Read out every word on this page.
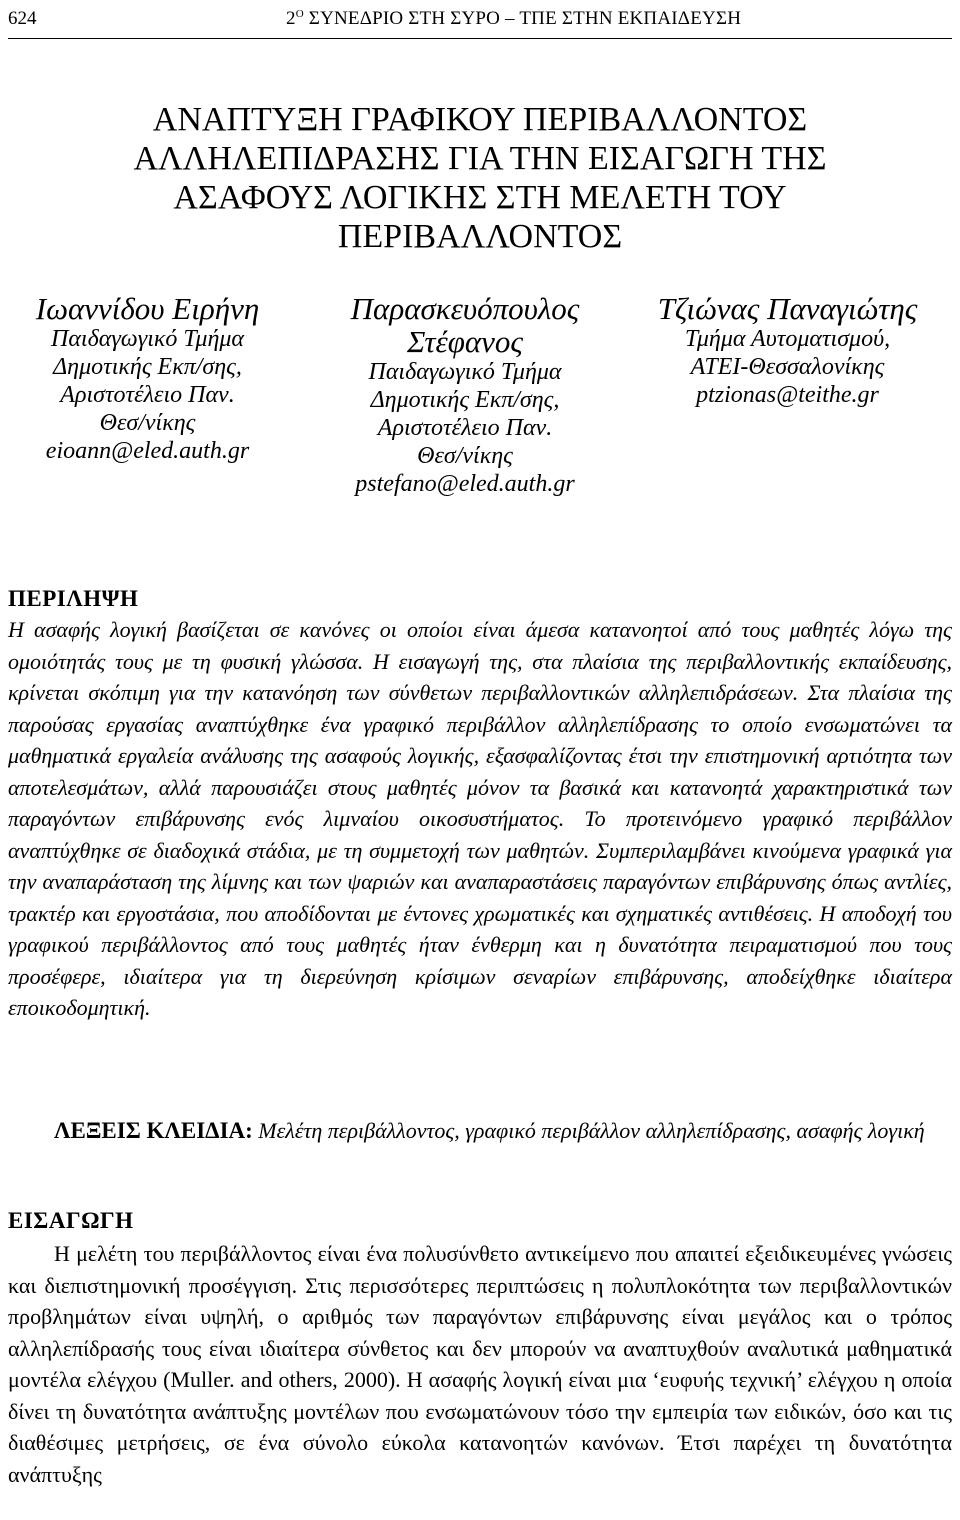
624	$2^O$ ΣΥΝΕΔΡΙΟ ΣΤΗ ΣΥΡΟ – ΤΠΕ ΣΤΗΝ ΕΚΠΑΙΔΕΥΣΗ
ΑΝΑΠΤΥΞΗ ΓΡΑΦΙΚΟΥ ΠΕΡΙΒΑΛΛΟΝΤΟΣ
ΑΛΛΗΛΕΠΙΔΡΑΣΗΣ ΓΙΑ ΤΗΝ ΕΙΣΑΓΩΓΗ ΤΗΣ
ΑΣΑΦΟΥΣ ΛΟΓΙΚΗΣ ΣΤΗ ΜΕΛΕΤΗ ΤΟΥ
ΠΕΡΙΒΑΛΛΟΝΤΟΣ
Ιωαννίδου Ειρήνη
Παιδαγωγικό Τμήμα
Δημοτικής Εκπ/σης,
Αριστοτέλειο Παν.
Θεσ/νίκης
eioann@eled.auth.gr
Παρασκευόπουλος
Στέφανος
Παιδαγωγικό Τμήμα
Δημοτικής Εκπ/σης,
Αριστοτέλειο Παν.
Θεσ/νίκης
pstefano@eled.auth.gr
Τζιώνας Παναγιώτης
Τμήμα Αυτοματισμού,
ΑΤΕΙ-Θεσσαλονίκης
ptzionas@teithe.gr
ΠΕΡΙΛΗΨΗ

Η ασαφής λογική βασίζεται σε κανόνες οι οποίοι είναι άμεσα κατανοητοί από τους μαθητές λόγω της ομοιότητάς τους με τη φυσική γλώσσα. Η εισαγωγή της, στα πλαίσια της περιβαλλοντικής εκπαίδευσης, κρίνεται σκόπιμη για την κατανόηση των σύνθετων περιβαλλοντικών αλληλεπιδράσεων. Στα πλαίσια της παρούσας εργασίας αναπτύχθηκε ένα γραφικό περιβάλλον αλληλεπίδρασης το οποίο ενσωματώνει τα μαθηματικά εργαλεία ανάλυσης της ασαφούς λογικής, εξασφαλίζοντας έτσι την επιστημονική αρτιότητα των αποτελεσμάτων, αλλά παρουσιάζει στους μαθητές μόνον τα βασικά και κατανοητά χαρακτηριστικά των παραγόντων επιβάρυνσης ενός λιμναίου οικοσυστήματος. Το προτεινόμενο γραφικό περιβάλλον αναπτύχθηκε σε διαδοχικά στάδια, με τη συμμετοχή των μαθητών. Συμπεριλαμβάνει κινούμενα γραφικά για την αναπαράσταση της λίμνης και των ψαριών και αναπαραστάσεις παραγόντων επιβάρυνσης όπως αντλίες, τρακτέρ και εργοστάσια, που αποδίδονται με έντονες χρωματικές και σχηματικές αντιθέσεις. Η αποδοχή του γραφικού περιβάλλοντος από τους μαθητές ήταν ένθερμη και η δυνατότητα πειραματισμού που τους προσέφερε, ιδιαίτερα για τη διερεύνηση κρίσιμων σεναρίων επιβάρυνσης, αποδείχθηκε ιδιαίτερα εποικοδομητική.

ΛΕΞΕΙΣ ΚΛΕΙΔΙΑ: Μελέτη περιβάλλοντος, γραφικό περιβάλλον αλληλεπίδρασης, ασαφής λογική

ΕΙΣΑΓΩΓΗ

Η μελέτη του περιβάλλοντος είναι ένα πολυσύνθετο αντικείμενο που απαιτεί εξειδικευμένες γνώσεις και διεπιστημονική προσέγγιση. Στις περισσότερες περιπτώσεις η πολυπλοκότητα των περιβαλλοντικών προβλημάτων είναι υψηλή, ο αριθμός των παραγόντων επιβάρυνσης είναι μεγάλος και ο τρόπος αλληλεπίδρασής τους είναι ιδιαίτερα σύνθετος και δεν μπορούν να αναπτυχθούν αναλυτικά μαθηματικά μοντέλα ελέγχου (Muller. and others, 2000). Η ασαφής λογική είναι μια ‘ευφυής τεχνική’ ελέγχου η οποία δίνει τη δυνατότητα ανάπτυξης μοντέλων που ενσωματώνουν τόσο την εμπειρία των ειδικών, όσο και τις διαθέσιμες μετρήσεις, σε ένα σύνολο εύκολα κατανοητών κανόνων. Έτσι παρέχει τη δυνατότητα ανάπτυξης
